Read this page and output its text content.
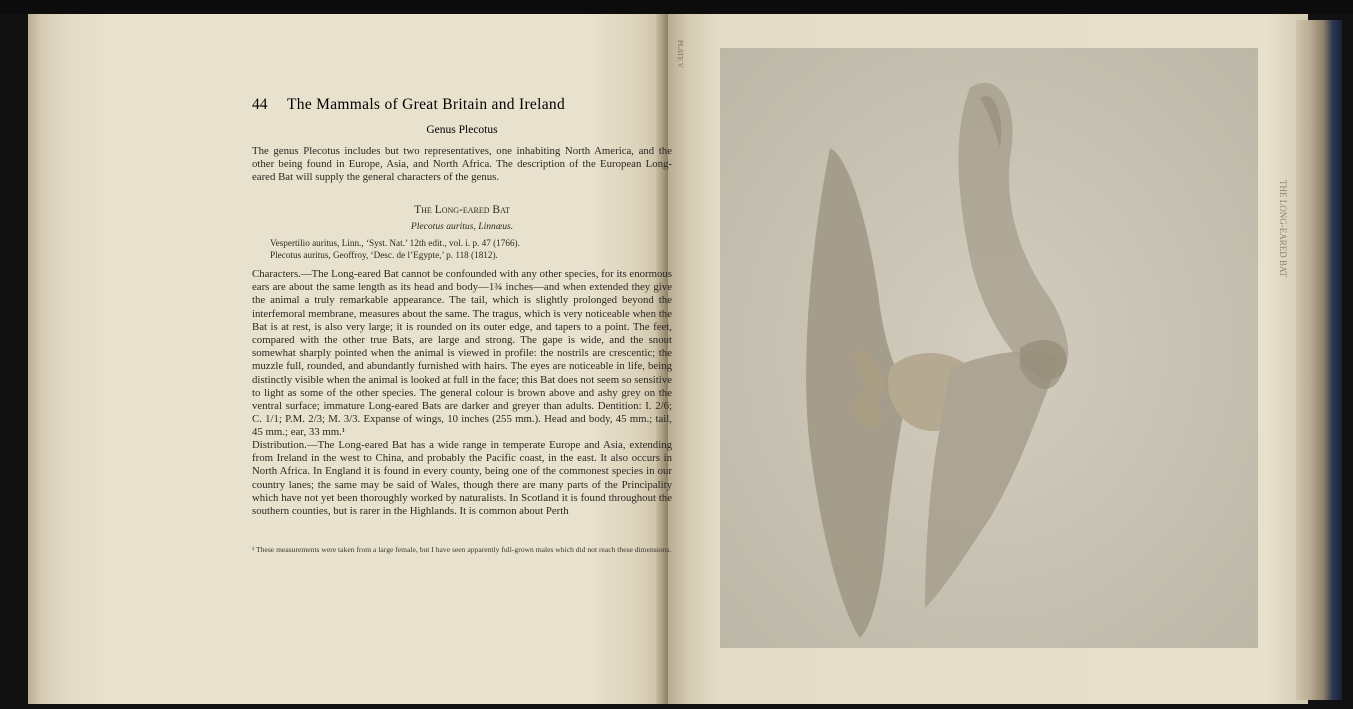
44 The Mammals of Great Britain and Ireland
Genus Plecotus
The genus Plecotus includes but two representatives, one inhabiting North America, and the other being found in Europe, Asia, and North Africa. The description of the European Long-eared Bat will supply the general characters of the genus.
The Long-eared Bat
Plecotus auritus, Linnæus.
Vespertilio auritus, Linn., ‘Syst. Nat.’ 12th edit., vol. i. p. 47 (1766).
Plecotus auritus, Geoffroy, ‘Desc. de l’Egypte,’ p. 118 (1812).
Characters.—The Long-eared Bat cannot be confounded with any other species, for its enormous ears are about the same length as its head and body—1¾ inches—and when extended they give the animal a truly remarkable appearance. The tail, which is slightly prolonged beyond the interfemoral membrane, measures about the same. The tragus, which is very noticeable when the Bat is at rest, is also very large; it is rounded on its outer edge, and tapers to a point. The feet, compared with the other true Bats, are large and strong. The gape is wide, and the snout somewhat sharply pointed when the animal is viewed in profile: the nostrils are crescentic; the muzzle full, rounded, and abundantly furnished with hairs. The eyes are noticeable in life, being distinctly visible when the animal is looked at full in the face; this Bat does not seem so sensitive to light as some of the other species. The general colour is brown above and ashy grey on the ventral surface; immature Long-eared Bats are darker and greyer than adults. Dentition: I. 2/6; C. 1/1; P.M. 2/3; M. 3/3. Expanse of wings, 10 inches (255 mm.). Head and body, 45 mm.; tail, 45 mm.; ear, 33 mm.¹
Distribution.—The Long-eared Bat has a wide range in temperate Europe and Asia, extending from Ireland in the west to China, and probably the Pacific coast, in the east. It also occurs in North Africa. In England it is found in every county, being one of the commonest species in our country lanes; the same may be said of Wales, though there are many parts of the Principality which have not yet been thoroughly worked by naturalists. In Scotland it is found throughout the southern counties, but is rarer in the Highlands. It is common about Perth
¹ These measurements were taken from a large female, but I have seen apparently full-grown males which did not reach these dimensions.
PLATE V
THE LONG-EARED BAT
